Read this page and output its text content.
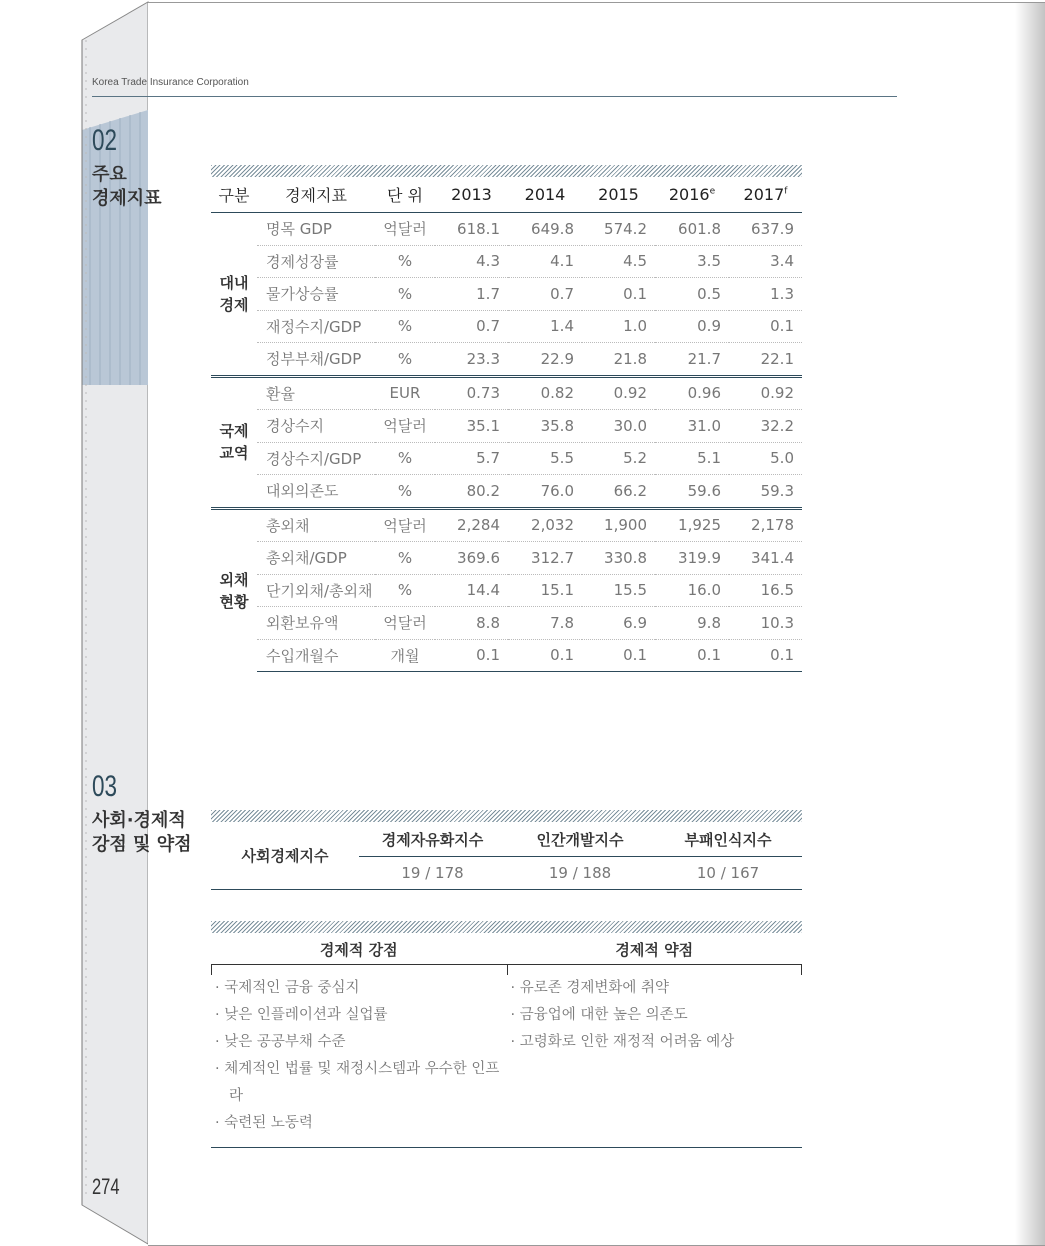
Korea Trade Insurance Corporation
02
주요
경제지표	구분	경제지표	단 위	2013	2014	2015	2016e	2017$^f$

대내
경제	명목 GDP	억달러	618.1	649.8	574.2	601.8	637.9
	경제성장률	%	4.3	4.1	4.5	3.5	3.4
	물가상승률	%	1.7	0.7	0.1	0.5	1.3
	재정수지/GDP	%	0.7	1.4	1.0	0.9	0.1
	정부부채/GDP	%	23.3	22.9	21.8	21.7	22.1

국제
교역	환율	EUR	0.73	0.82	0.92	0.96	0.92
	경상수지	억달러	35.1	35.8	30.0	31.0	32.2
	경상수지/GDP	%	5.7	5.5	5.2	5.1	5.0
	대외의존도	%	80.2	76.0	66.2	59.6	59.3

외채
현황	총외채	억달러	2,284	2,032	1,900	1,925	2,178
	총외채/GDP	%	369.6	312.7	330.8	319.9	341.4
	단기외채/총외채	%	14.4	15.1	15.5	16.0	16.5
	외환보유액	억달러	8.8	7.8	6.9	9.8	10.3
	수입개월수	개월	0.1	0.1	0.1	0.1	0.1
03
사회·경제적
강점 및 약점
사회경제지수	경제자유화지수	인간개발지수	부패인식지수
	19 / 178	19 / 188	10 / 167
경제적 강점	경제적 약점
· 국제적인 금융 중심지
· 낮은 인플레이션과 실업률
· 낮은 공공부채 수준
· 체계적인 법률 및 재정시스템과 우수한 인프라
· 숙련된 노동력
· 유로존 경제변화에 취약
· 금융업에 대한 높은 의존도
· 고령화로 인한 재정적 어려움 예상
274
